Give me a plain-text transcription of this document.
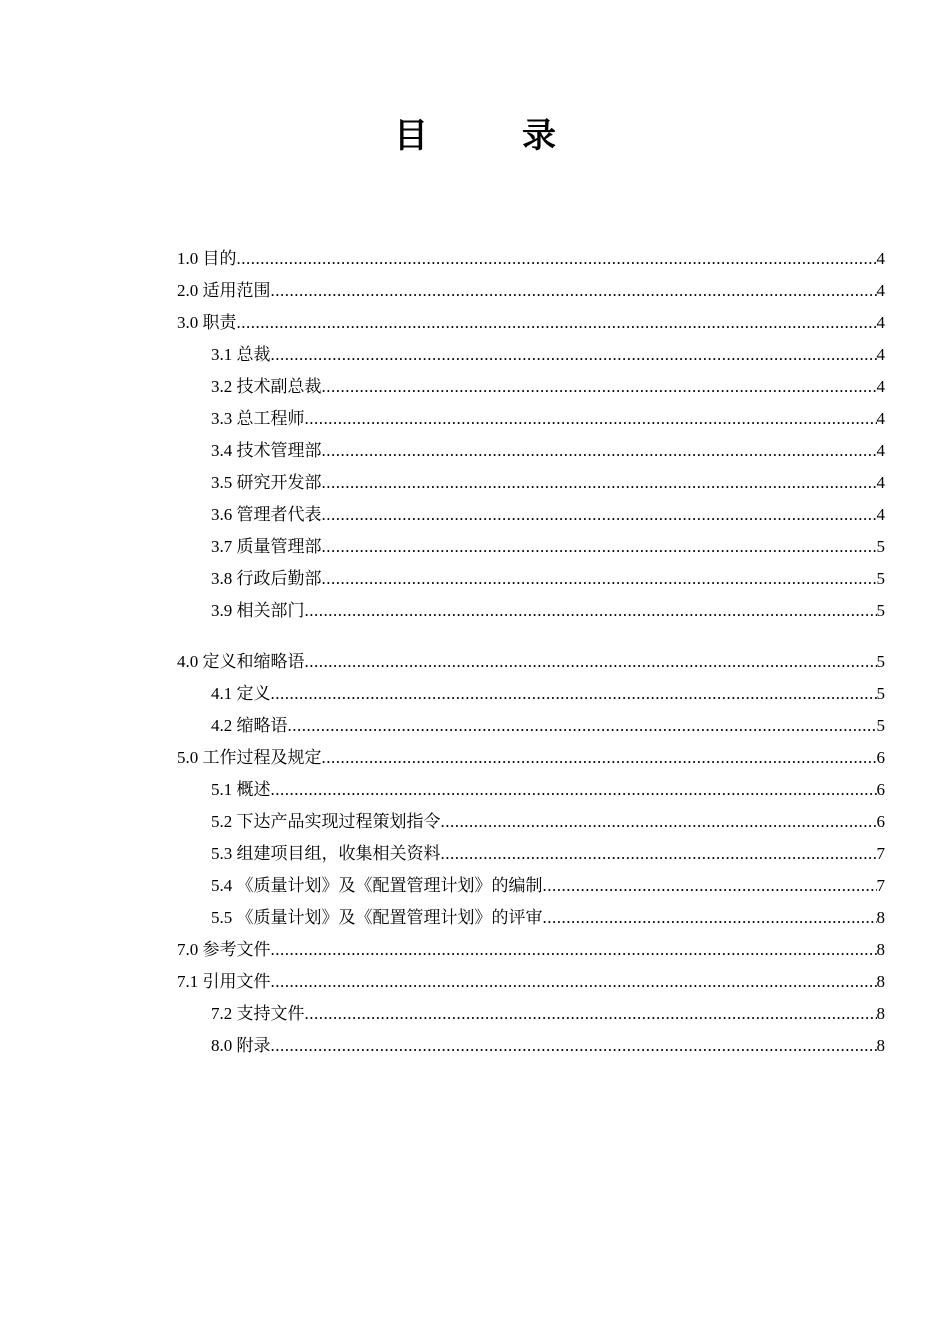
目　录
1.0 目的 .....	4
2.0 适用范围 .....	4
3.0 职责 .....	4
3.1 总裁 .....	4
3.2 技术副总裁 .....	4
3.3 总工程师 .....	4
3.4 技术管理部 .....	4
3.5 研究开发部 .....	4
3.6 管理者代表 .....	4
3.7 质量管理部 .....	5
3.8 行政后勤部 .....	5
3.9 相关部门 .....	5
4.0 定义和缩略语 .....	5
4.1 定义 .....	5
4.2 缩略语 .....	5
5.0 工作过程及规定 .....	6
5.1 概述 .....	6
5.2 下达产品实现过程策划指令 .....	6
5.3 组建项目组，收集相关资料 .....	7
5.4 《质量计划》及《配置管理计划》的编制 .....	7
5.5 《质量计划》及《配置管理计划》的评审 .....	8
7.0 参考文件 .....	8
7.1 引用文件 .....	8
7.2 支持文件 .....	8
8.0 附录 .....	8
